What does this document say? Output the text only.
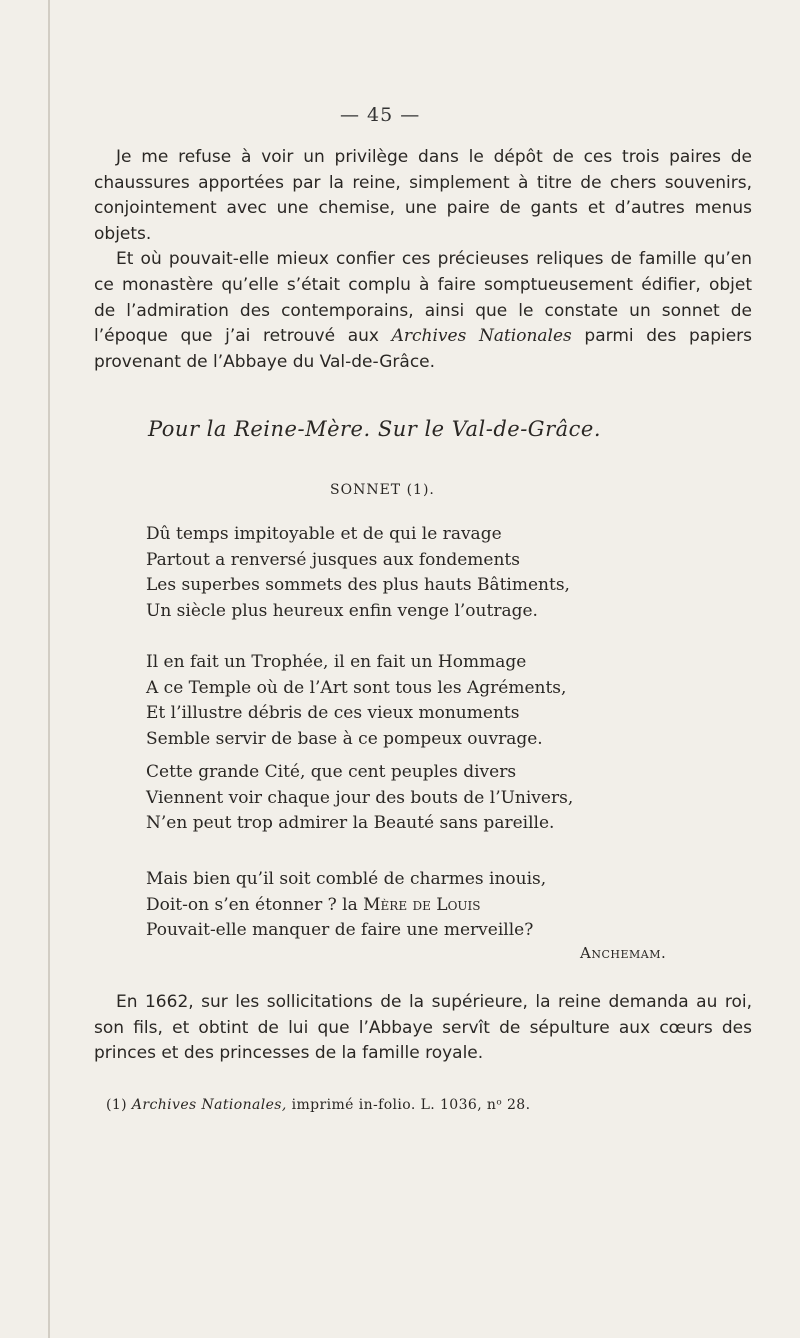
— 45 —

Je me refuse à voir un privilège dans le dépôt de ces trois paires de chaussures apportées par la reine, simplement à titre de chers souvenirs, conjointement avec une chemise, une paire de gants et d’autres menus objets.

Et où pouvait-elle mieux confier ces précieuses reliques de famille qu’en ce monastère qu’elle s’était complu à faire somptueusement édifier, objet de l’admiration des contemporains, ainsi que le constate un sonnet de l’époque que j’ai retrouvé aux Archives Nationales parmi des papiers provenant de l’Abbaye du Val-de-Grâce.

Pour la Reine-Mère. Sur le Val-de-Grâce.
SONNET (1).
Dû temps impitoyable et de qui le ravage
Partout a renversé jusques aux fondements
Les superbes sommets des plus hauts Bâtiments,
Un siècle plus heureux enfin venge l’outrage.
Il en fait un Trophée, il en fait un Hommage
A ce Temple où de l’Art sont tous les Agréments,
Et l’illustre débris de ces vieux monuments
Semble servir de base à ce pompeux ouvrage.
Cette grande Cité, que cent peuples divers
Viennent voir chaque jour des bouts de l’Univers,
N’en peut trop admirer la Beauté sans pareille.
Mais bien qu’il soit comblé de charmes inouis,
Doit-on s’en étonner ? la Mère de Louis
Pouvait-elle manquer de faire une merveille?
Anchemam.

En 1662, sur les sollicitations de la supérieure, la reine demanda au roi, son fils, et obtint de lui que l’Abbaye servît de sépulture aux cœurs des princes et des princesses de la famille royale.

(1) Archives Nationales, imprimé in-folio. L. 1036, nᵒ 28.
